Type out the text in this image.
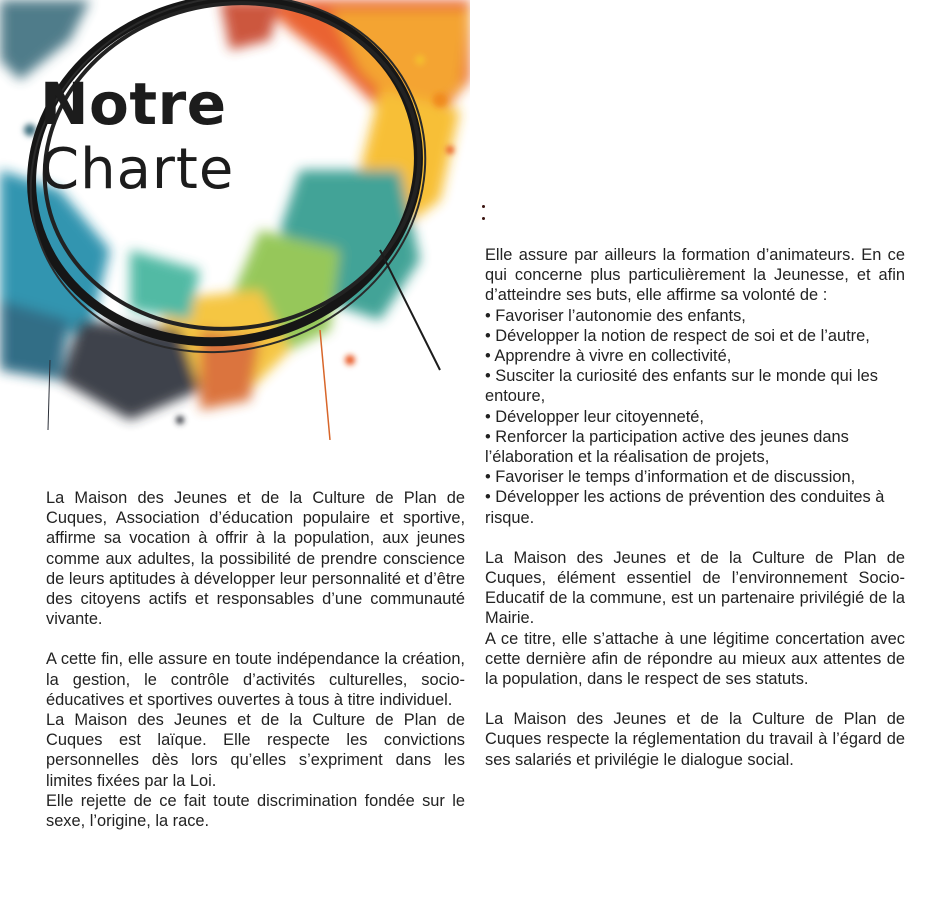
Notre
Charte

La Maison des Jeunes et de la Culture de Plan de Cuques, Association d’éducation populaire et sportive, affirme sa vocation à offrir à la population, aux jeunes comme aux adultes, la possibilité de prendre conscience de leurs aptitudes à développer leur personnalité et d’être des citoyens actifs et responsables d’une communauté vivante.

A cette fin, elle assure en toute indépendance la création, la gestion, le contrôle d’activités culturelles, socio-éducatives et sportives ouvertes à tous à titre individuel.

La Maison des Jeunes et de la Culture de Plan de Cuques est laïque. Elle respecte les convictions personnelles dès lors qu’elles s’expriment dans les limites fixées par la Loi.

Elle rejette de ce fait toute discrimination fondée sur le sexe, l’origine, la race.

Elle assure par ailleurs la formation d’animateurs. En ce qui concerne plus particulièrement la Jeunesse, et afin d’atteindre ses buts, elle affirme sa volonté de :

• Favoriser l’autonomie des enfants,

• Développer la notion de respect de soi et de l’autre,

• Apprendre à vivre en collectivité,

• Susciter la curiosité des enfants sur le monde qui les entoure,

• Développer leur citoyenneté,

• Renforcer la participation active des jeunes dans l’élaboration et la réalisation de projets,

• Favoriser le temps d’information et de discussion,

• Développer les actions de prévention des conduites à risque.

La Maison des Jeunes et de la Culture de Plan de Cuques, élément essentiel de l’environnement Socio-Educatif de la commune, est un partenaire privilégié de la Mairie.

A ce titre, elle s’attache à une légitime concertation avec cette dernière afin de répondre au mieux aux attentes de la population, dans le respect de ses statuts.

La Maison des Jeunes et de la Culture de Plan de Cuques respecte la réglementation du travail à l’égard de ses salariés et privilégie le dialogue social.
